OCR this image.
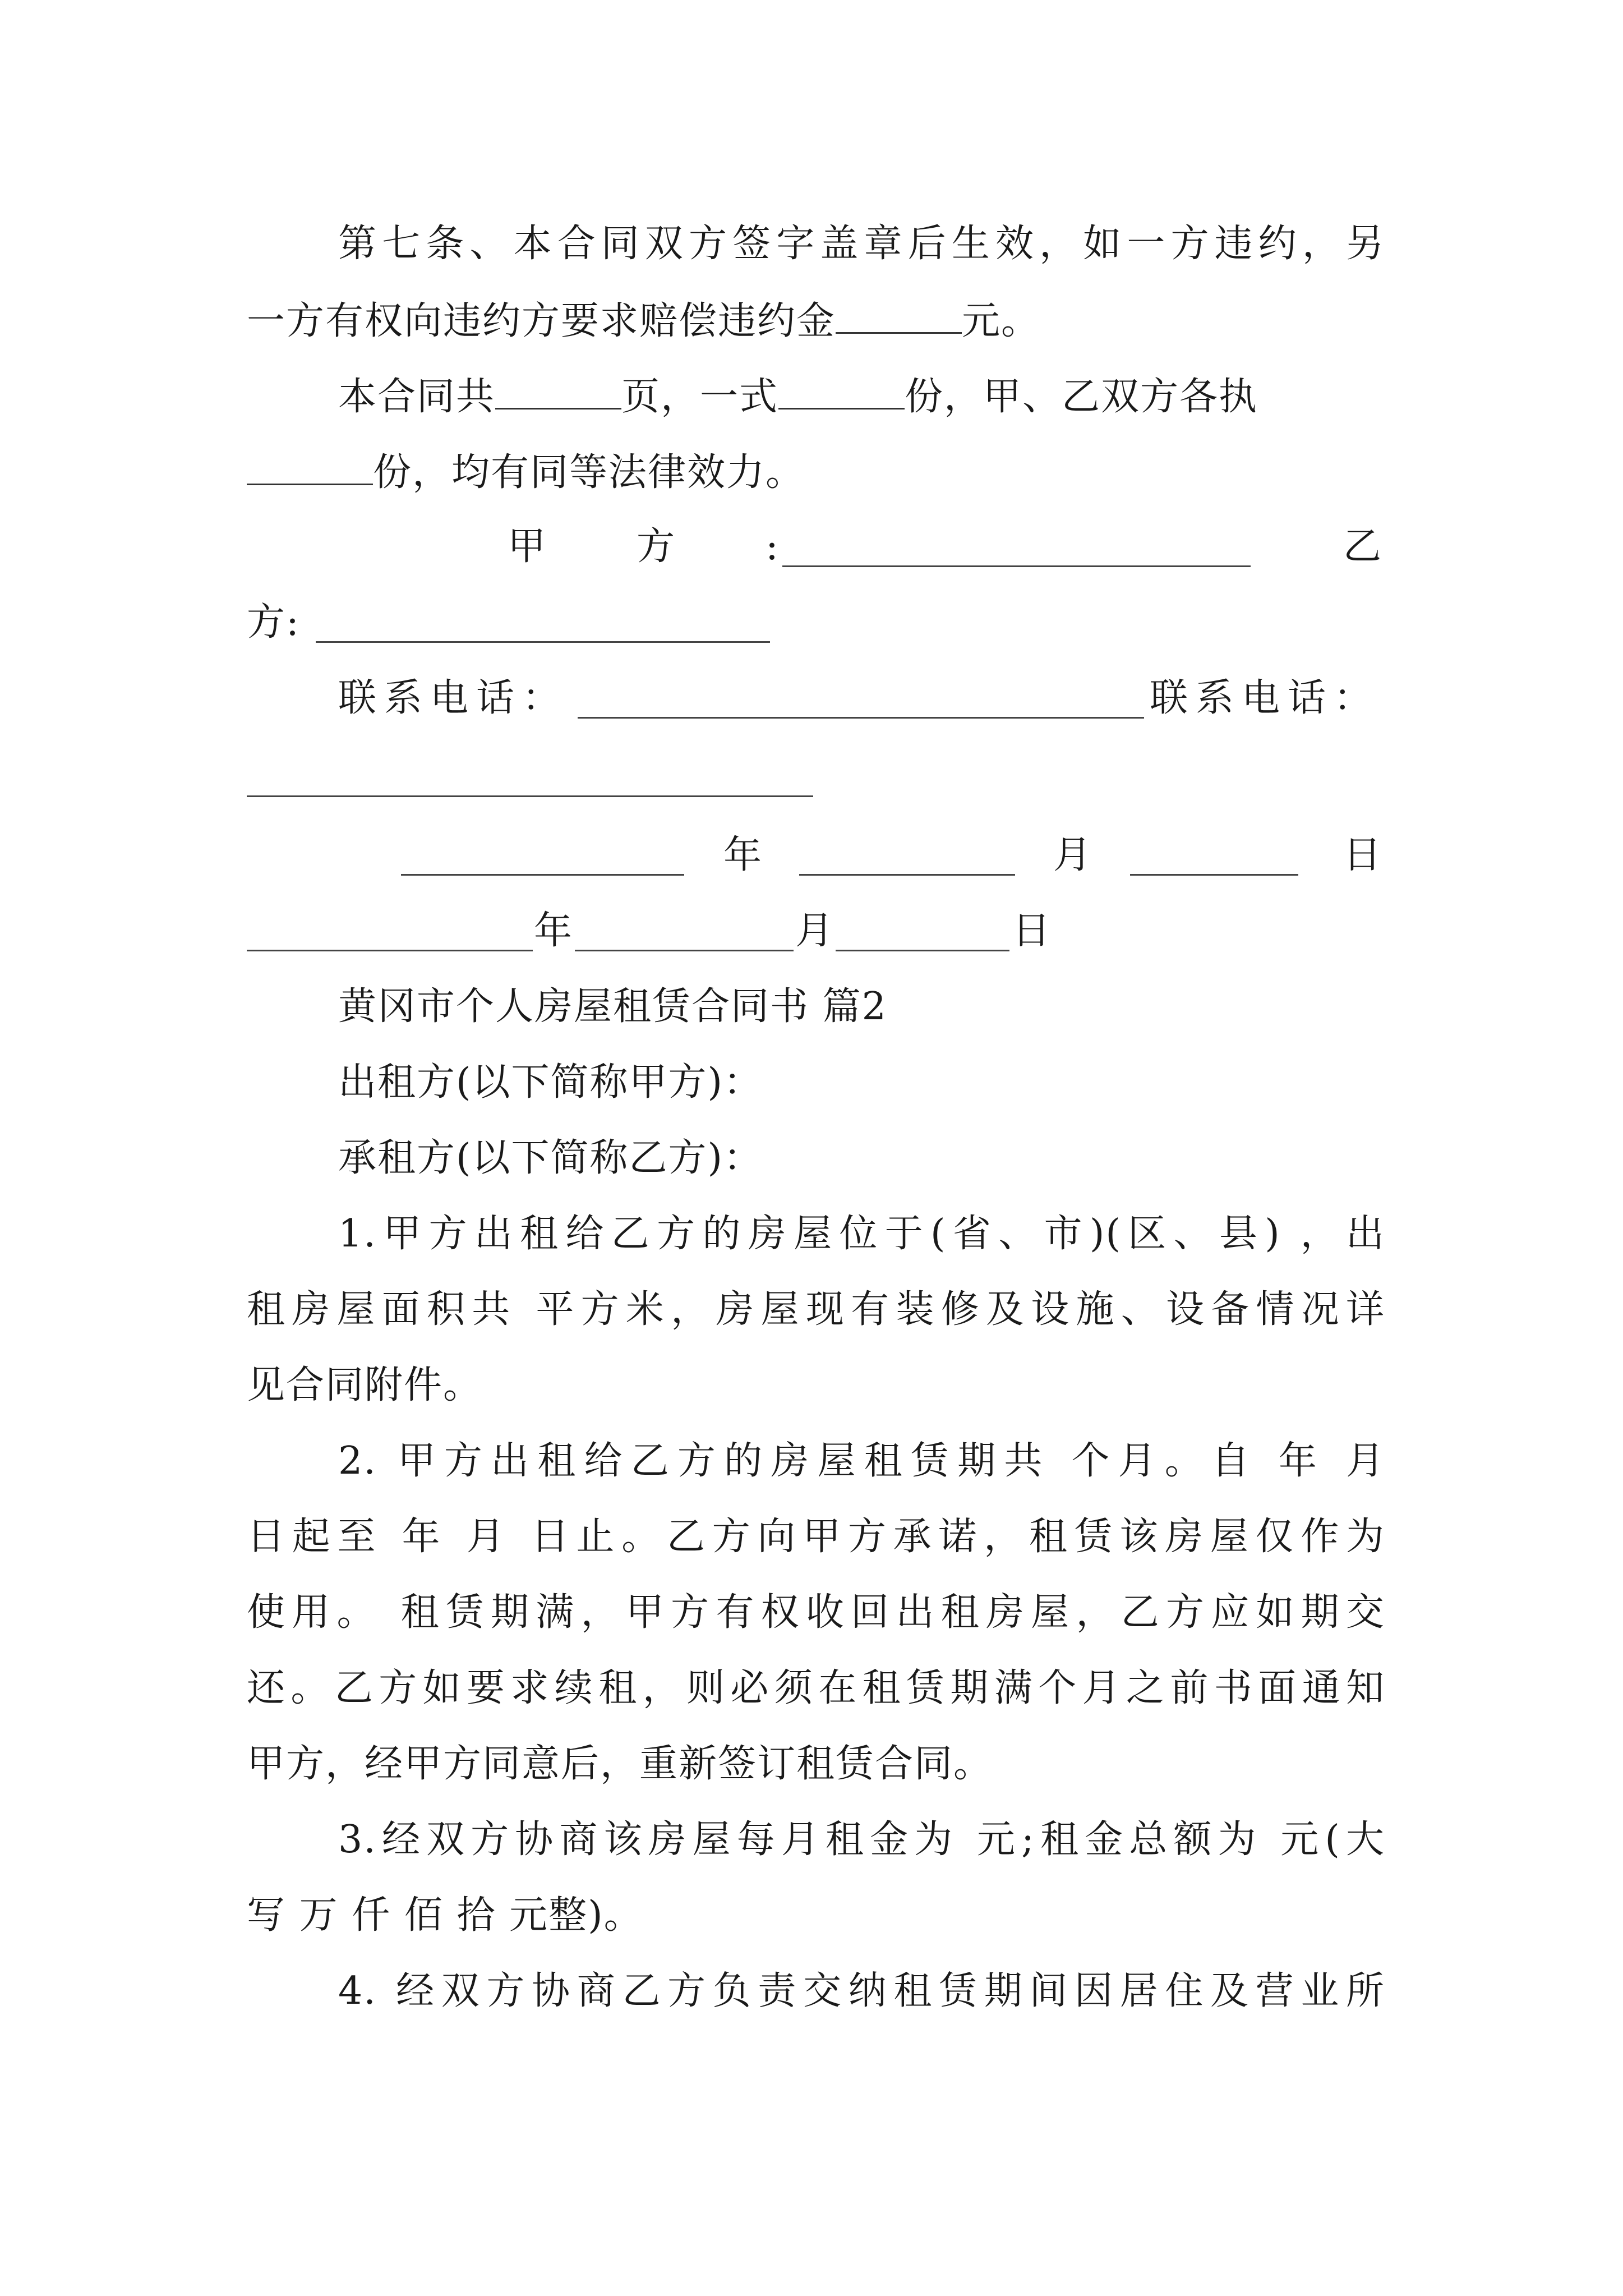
第七条、本合同双方签字盖章后生效，如一方违约，另
一方有权向违约方要求赔偿违约金	元。
本合同共	页，一式	份，甲、乙双方各执
份，均有同等法律效力。
甲 方 :	乙
方:
联系电话：	联系电话：
年	月	日
年	月	日
黄冈市个人房屋租赁合同书 篇2
出租方(以下简称甲方)：
承租方(以下简称乙方)：
1.甲方出租给乙方的房屋位于(省、市)(区、县) ，出
租房屋面积共 平方米，房屋现有装修及设施、设备情况详
见合同附件。
2. 甲方出租给乙方的房屋租赁期共 个月。自 年 月
日起至 年 月 日止。乙方向甲方承诺，租赁该房屋仅作为
使用。 租赁期满，甲方有权收回出租房屋，乙方应如期交
还。乙方如要求续租，则必须在租赁期满个月之前书面通知
甲方，经甲方同意后，重新签订租赁合同。
3.经双方协商该房屋每月租金为 元;租金总额为 元(大
写 万 仟 佰 拾 元整)。
4. 经双方协商乙方负责交纳租赁期间因居住及营业所
